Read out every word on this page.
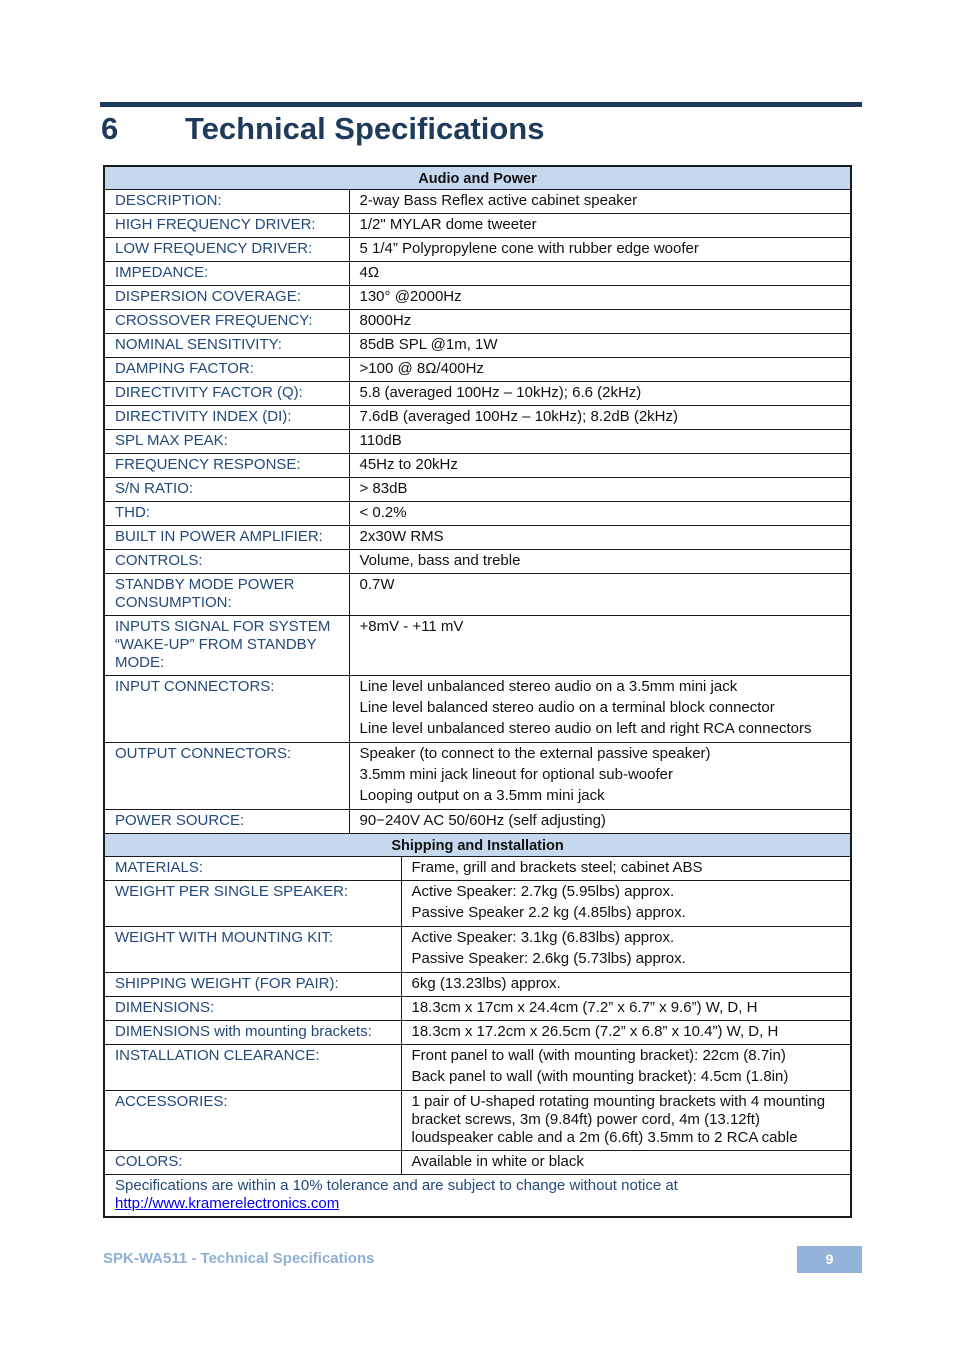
6 Technical Specifications
Audio and Power	
DESCRIPTION:	2-way Bass Reflex active cabinet speaker
HIGH FREQUENCY DRIVER:	1/2" MYLAR dome tweeter
LOW FREQUENCY DRIVER:	5 1/4” Polypropylene cone with rubber edge woofer
IMPEDANCE:	4Ω
DISPERSION COVERAGE:	130° @2000Hz
CROSSOVER FREQUENCY:	8000Hz
NOMINAL SENSITIVITY:	85dB SPL @1m, 1W
DAMPING FACTOR:	>100 @ 8Ω/400Hz
DIRECTIVITY FACTOR (Q):	5.8 (averaged 100Hz – 10kHz); 6.6 (2kHz)
DIRECTIVITY INDEX (DI):	7.6dB (averaged 100Hz – 10kHz); 8.2dB (2kHz)
SPL MAX PEAK:	110dB
FREQUENCY RESPONSE:	45Hz to 20kHz
S/N RATIO:	> 83dB
THD:	< 0.2%
BUILT IN POWER AMPLIFIER:	2x30W RMS
CONTROLS:	Volume, bass and treble
STANDBY MODE POWER CONSUMPTION:	0.7W
INPUTS SIGNAL FOR SYSTEM “WAKE-UP” FROM STANDBY MODE:	+8mV - +11 mV
INPUT CONNECTORS:	Line level unbalanced stereo audio on a 3.5mm mini jack
Line level balanced stereo audio on a terminal block connector
Line level unbalanced stereo audio on left and right RCA connectors

OUTPUT CONNECTORS:	Speaker (to connect to the external passive speaker)
3.5mm mini jack lineout for optional sub-woofer
Looping output on a 3.5mm mini jack

POWER SOURCE:	90−240V AC 50/60Hz (self adjusting)
Shipping and Installation	
MATERIALS:	Frame, grill and brackets steel; cabinet ABS
WEIGHT PER SINGLE SPEAKER:	Active Speaker: 2.7kg (5.95lbs) approx.
Passive Speaker 2.2 kg (4.85lbs) approx.

WEIGHT WITH MOUNTING KIT:	Active Speaker: 3.1kg (6.83lbs) approx.
Passive Speaker: 2.6kg (5.73lbs) approx.

SHIPPING WEIGHT (FOR PAIR):	6kg (13.23lbs) approx.
DIMENSIONS:	18.3cm x 17cm x 24.4cm (7.2” x 6.7” x 9.6”) W, D, H
DIMENSIONS with mounting brackets:	18.3cm x 17.2cm x 26.5cm (7.2” x 6.8” x 10.4”) W, D, H
INSTALLATION CLEARANCE:	Front panel to wall (with mounting bracket): 22cm (8.7in)
Back panel to wall (with mounting bracket): 4.5cm (1.8in)

ACCESSORIES:	1 pair of U-shaped rotating mounting brackets with 4 mounting bracket screws, 3m (9.84ft) power cord, 4m (13.12ft) loudspeaker cable and a 2m (6.6ft) 3.5mm to 2 RCA cable
COLORS:	Available in white or black
Specifications are within a 10% tolerance and are subject to change without notice at
http://www.kramerelectronics.com	
SPK-WA511 - Technical Specifications	9
